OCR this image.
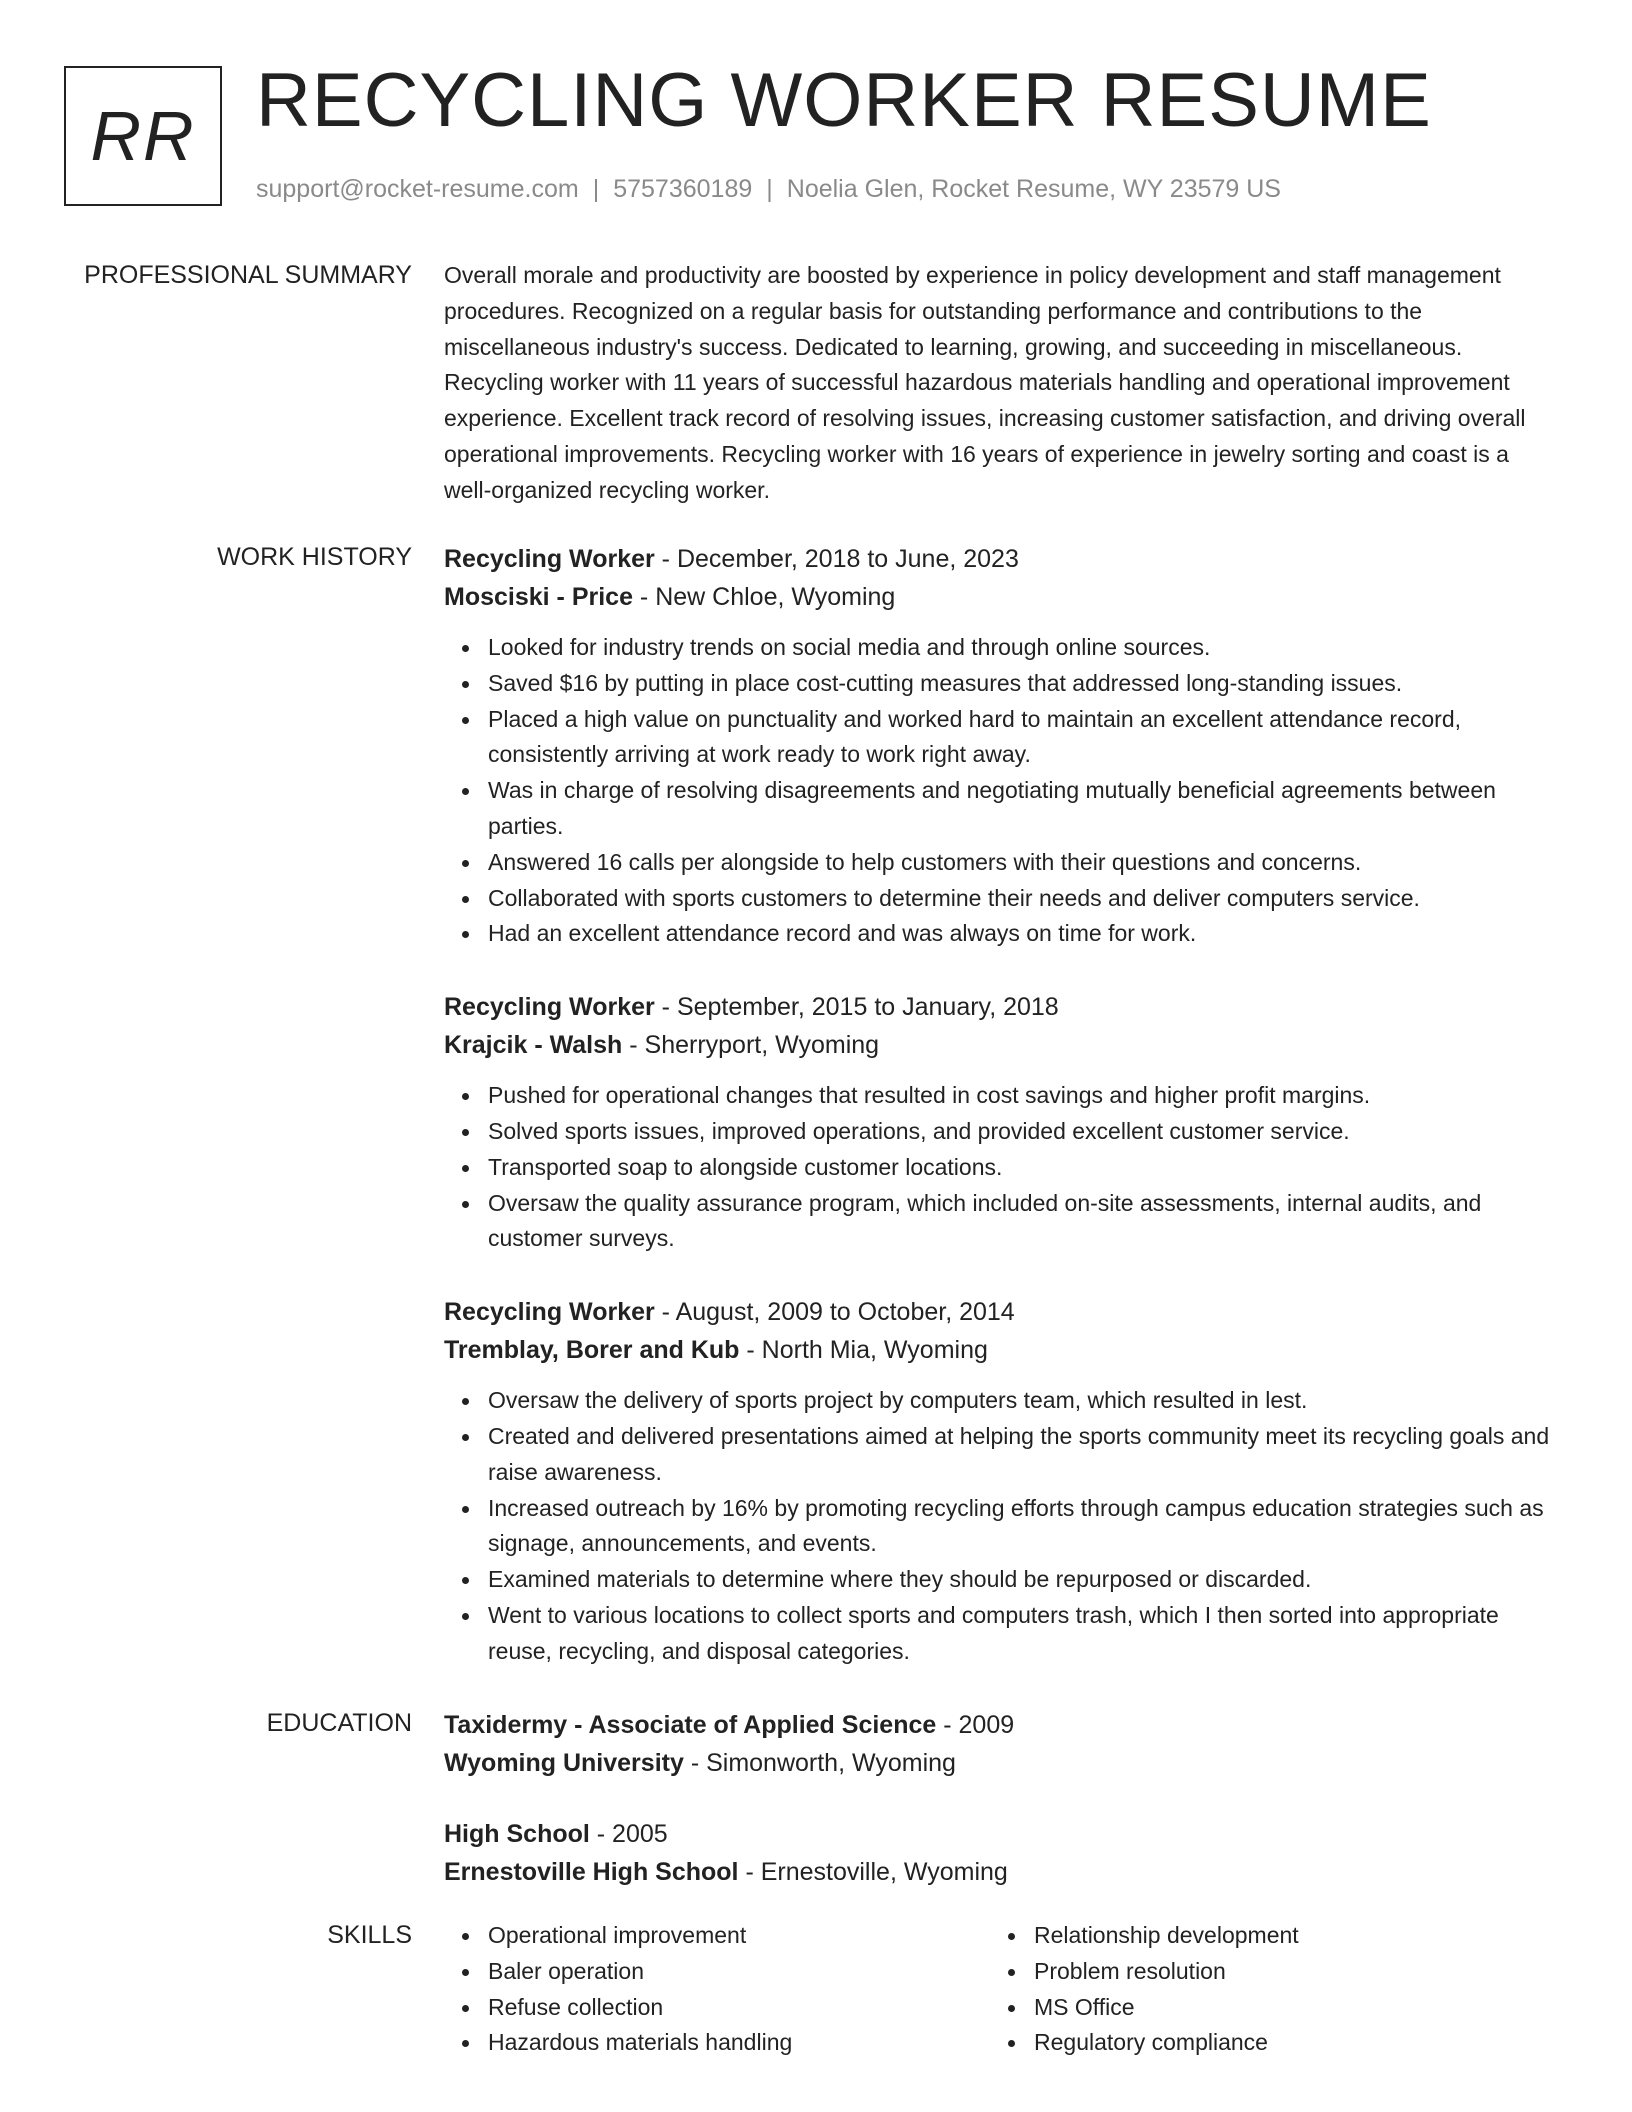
RR RECYCLING WORKER RESUME
support@rocket-resume.com | 5757360189 | Noelia Glen, Rocket Resume, WY 23579 US
PROFESSIONAL SUMMARY Overall morale and productivity are boosted by experience in policy development and staff management procedures. Recognized on a regular basis for outstanding performance and contributions to the miscellaneous industry's success. Dedicated to learning, growing, and succeeding in miscellaneous. Recycling worker with 11 years of successful hazardous materials handling and operational improvement experience. Excellent track record of resolving issues, increasing customer satisfaction, and driving overall operational improvements. Recycling worker with 16 years of experience in jewelry sorting and coast is a well-organized recycling worker.

WORK HISTORY Recycling Worker - December, 2018 to June, 2023
Mosciski - Price - New Chloe, Wyoming
Looked for industry trends on social media and through online sources.
Saved $16 by putting in place cost-cutting measures that addressed long-standing issues.
Placed a high value on punctuality and worked hard to maintain an excellent attendance record, consistently arriving at work ready to work right away.
Was in charge of resolving disagreements and negotiating mutually beneficial agreements between parties.
Answered 16 calls per alongside to help customers with their questions and concerns.
Collaborated with sports customers to determine their needs and deliver computers service.
Had an excellent attendance record and was always on time for work.
Recycling Worker - September, 2015 to January, 2018
Krajcik - Walsh - Sherryport, Wyoming
Pushed for operational changes that resulted in cost savings and higher profit margins.
Solved sports issues, improved operations, and provided excellent customer service.
Transported soap to alongside customer locations.
Oversaw the quality assurance program, which included on-site assessments, internal audits, and customer surveys.
Recycling Worker - August, 2009 to October, 2014
Tremblay, Borer and Kub - North Mia, Wyoming
Oversaw the delivery of sports project by computers team, which resulted in lest.
Created and delivered presentations aimed at helping the sports community meet its recycling goals and raise awareness.
Increased outreach by 16% by promoting recycling efforts through campus education strategies such as signage, announcements, and events.
Examined materials to determine where they should be repurposed or discarded.
Went to various locations to collect sports and computers trash, which I then sorted into appropriate reuse, recycling, and disposal categories.
EDUCATION Taxidermy - Associate of Applied Science - 2009
Wyoming University - Simonworth, Wyoming
High School - 2005
Ernestoville High School - Ernestoville, Wyoming
SKILLS	Operational improvement
Baler operation
Refuse collection
Hazardous materials handling
Relationship development
Problem resolution
MS Office
Regulatory compliance
